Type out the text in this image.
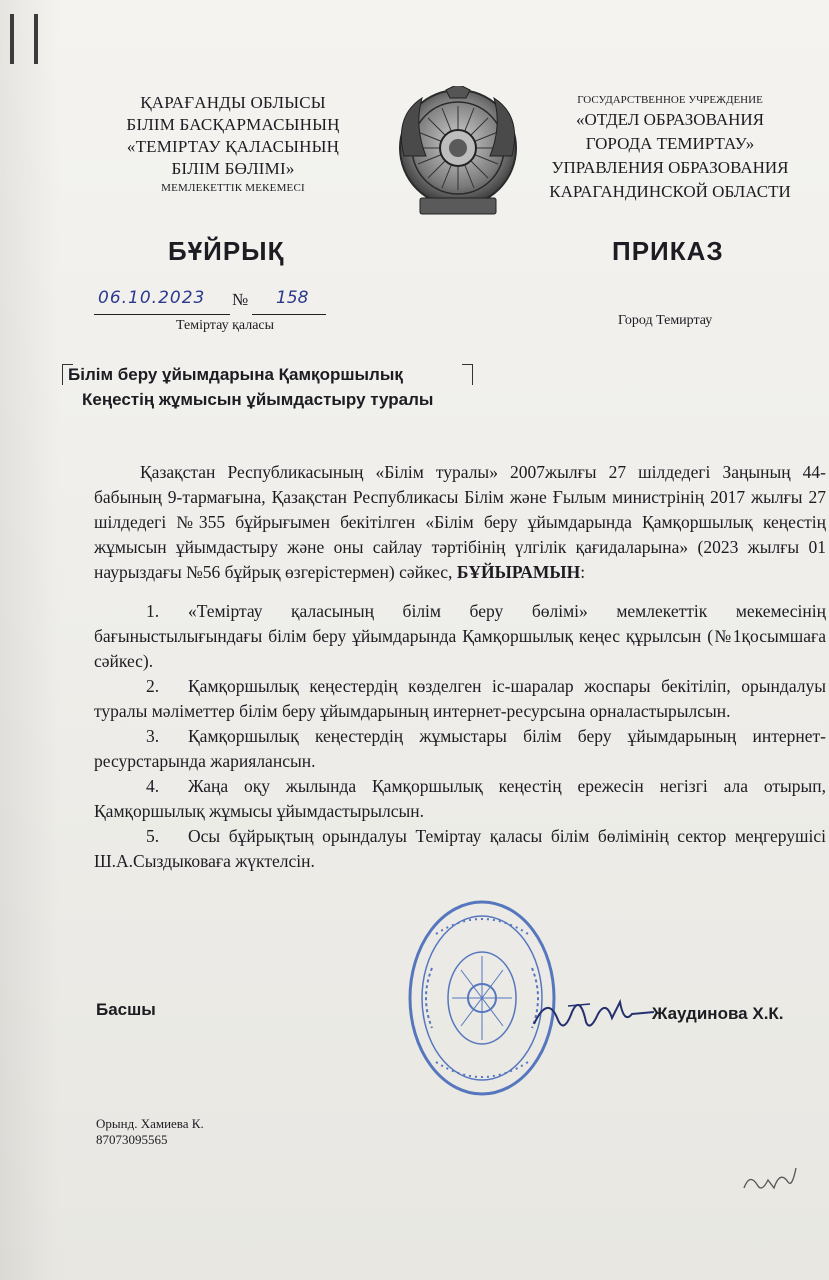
ҚАРАҒАНДЫ ОБЛЫСЫ
БІЛІМ БАСҚАРМАСЫНЫҢ
«ТЕМІРТАУ ҚАЛАСЫНЫҢ
БІЛІМ БӨЛІМІ»
МЕМЛЕКЕТТІК МЕКЕМЕСІ
ГОСУДАРСТВЕННОЕ УЧРЕЖДЕНИЕ
«ОТДЕЛ ОБРАЗОВАНИЯ
ГОРОДА ТЕМИРТАУ»
УПРАВЛЕНИЯ ОБРАЗОВАНИЯ
КАРАГАНДИНСКОЙ ОБЛАСТИ
БҰЙРЫҚ	ПРИКАЗ
06.10.2023 № 158
Теміртау қаласы	Город Темиртау
Білім беру ұйымдарына Қамқоршылық
Кеңестің жұмысын ұйымдастыру туралы

Қазақстан Республикасының «Білім туралы» 2007жылғы 27 шілдедегі Заңының 44-бабының 9-тармағына, Қазақстан Республикасы Білім және Ғылым министрінің 2017 жылғы 27 шілдедегі №355 бұйрығымен бекітілген «Білім беру ұйымдарында Қамқоршылық кеңестің жұмысын ұйымдастыру және оны сайлау тәртібінің үлгілік қағидаларына» (2023 жылғы 01 наурыздағы №56 бұйрық өзгерістермен) сәйкес, БҰЙЫРАМЫН:

1. «Теміртау қаласының білім беру бөлімі» мемлекеттік мекемесінің бағыныстылығындағы білім беру ұйымдарында Қамқоршылық кеңес құрылсын (№1қосымшаға сәйкес).

2. Қамқоршылық кеңестердің көзделген іс-шаралар жоспары бекітіліп, орындалуы туралы мәліметтер білім беру ұйымдарының интернет-ресурсына орналастырылсын.

3. Қамқоршылық кеңестердің жұмыстары білім беру ұйымдарының интернет-ресурстарында жариялансын.

4. Жаңа оқу жылында Қамқоршылық кеңестің ережесін негізгі ала отырып, Қамқоршылық жұмысы ұйымдастырылсын.

5. Осы бұйрықтың орындалуы Теміртау қаласы білім бөлімінің сектор меңгерушісі Ш.А.Сыздыковаға жүктелсін.

Басшы	Жаудинова Х.К.
Орынд. Хамиева К.
87073095565
